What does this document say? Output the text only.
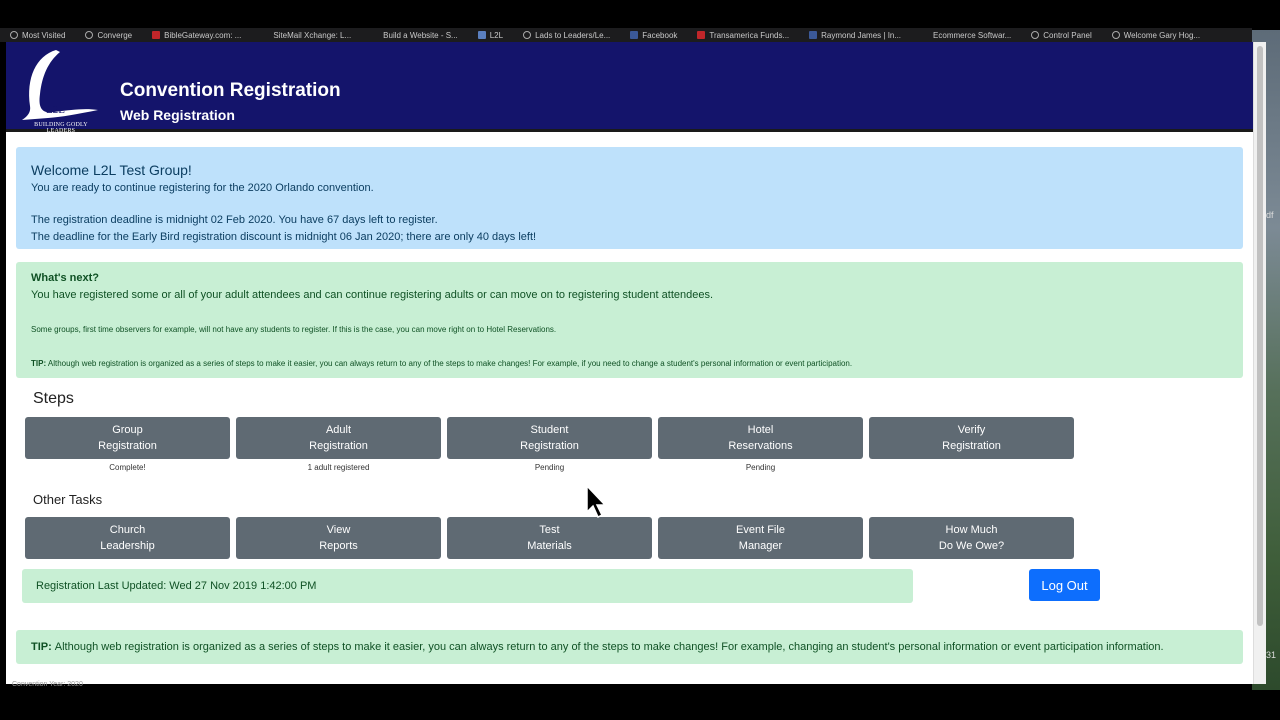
df
31
Most Visited	Converge	BibleGateway.com: ...	SiteMail Xchange: L...	Build a Website - S...	L2L	Lads to Leaders/Le...	Facebook	Transamerica Funds...	Raymond James | In...	Ecommerce Softwar...	Control Panel	Welcome Gary Hog...
L2L
BUILDING GODLY LEADERS
Convention Registration
Web Registration
Welcome L2L Test Group!
You are ready to continue registering for the 2020 Orlando convention.
The registration deadline is midnight 02 Feb 2020. You have 67 days left to register.
The deadline for the Early Bird registration discount is midnight 06 Jan 2020; there are only 40 days left!
What's next?
You have registered some or all of your adult attendees and can continue registering adults or can move on to registering student attendees.
Some groups, first time observers for example, will not have any students to register. If this is the case, you can move right on to Hotel Reservations.
TIP: Although web registration is organized as a series of steps to make it easier, you can always return to any of the steps to make changes! For example, if you need to change a student's personal information or event participation.
Steps
Group
Registration
Complete!
Adult
Registration
1 adult registered
Student
Registration
Pending
Hotel
Reservations
Pending
Verify
Registration
Other Tasks
Church
Leadership
View
Reports
Test
Materials
Event File
Manager
How Much
Do We Owe?
Registration Last Updated: Wed 27 Nov 2019 1:42:00 PM	Log Out
TIP: Although web registration is organized as a series of steps to make it easier, you can always return to any of the steps to make changes! For example, changing an student's personal information or event participation information.
Convention Year: 2020
